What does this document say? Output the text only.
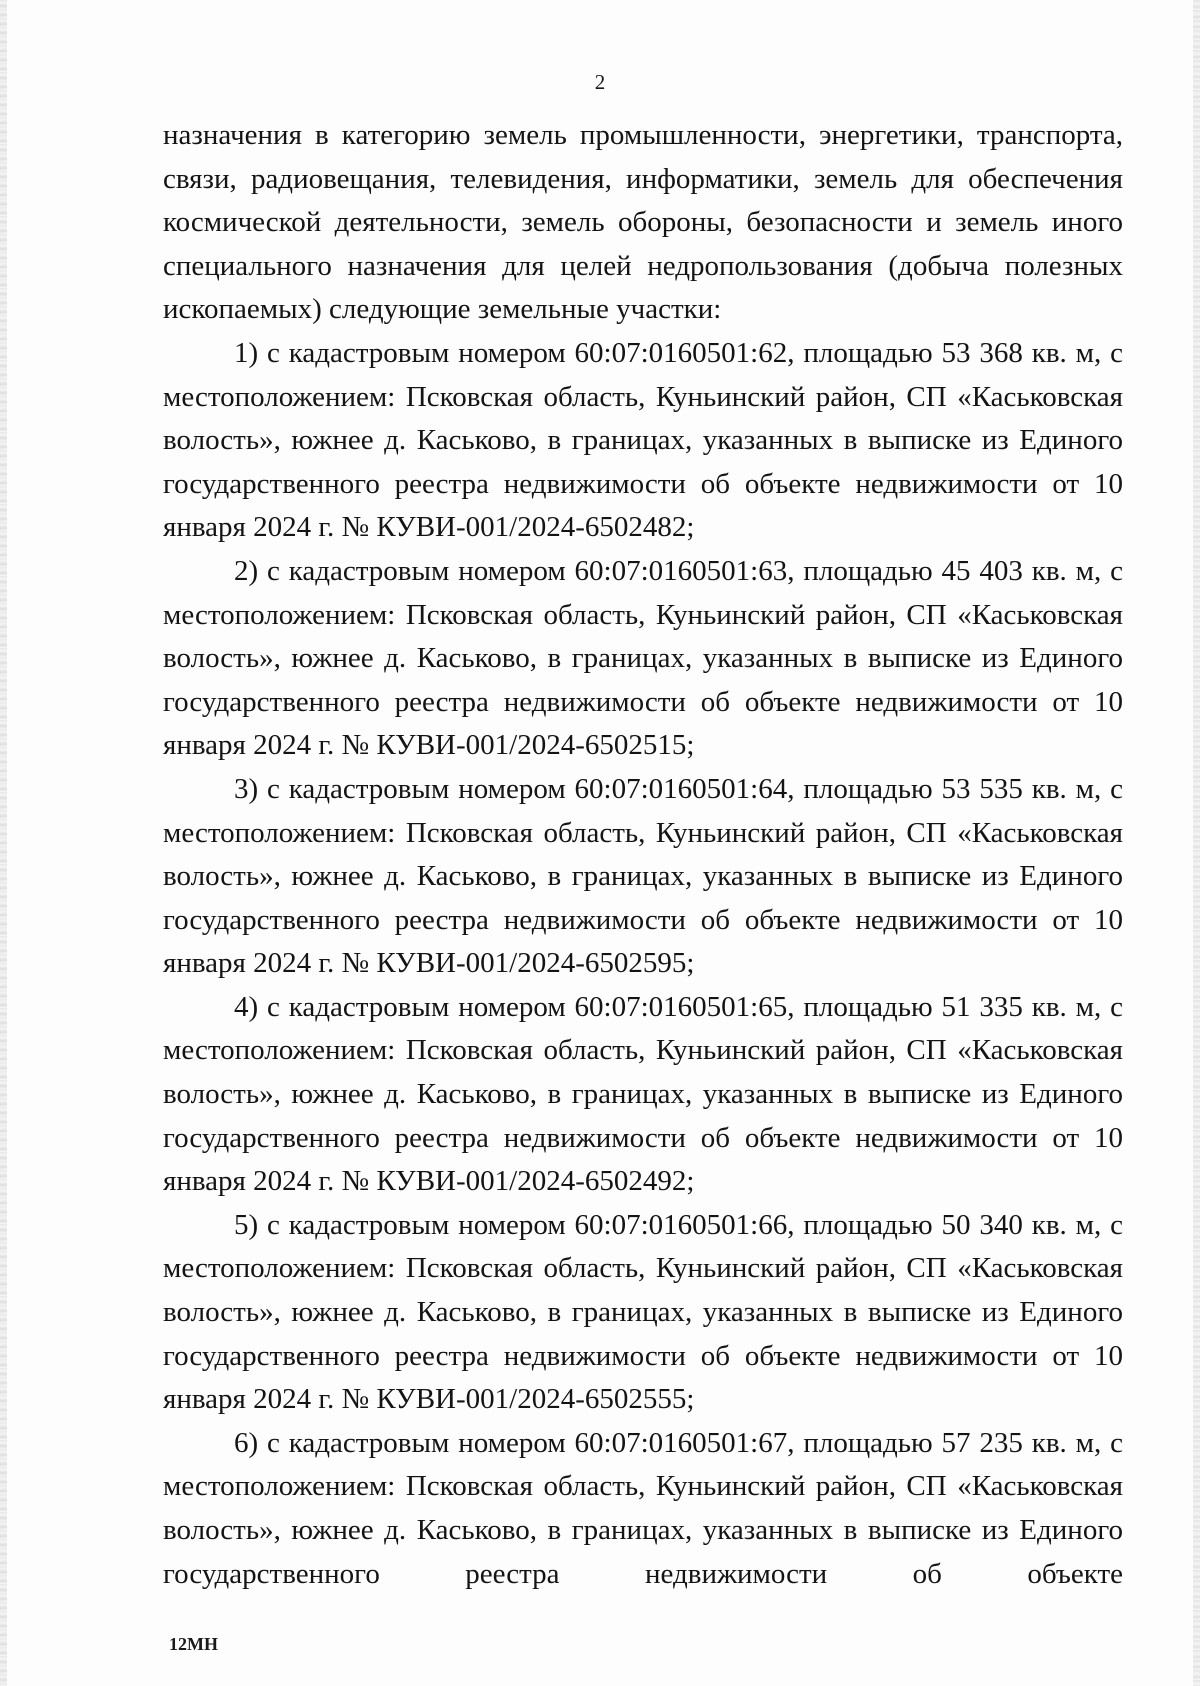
2

назначения в категорию земель промышленности, энергетики, транспорта, связи, радиовещания, телевидения, информатики, земель для обеспечения космической деятельности, земель обороны, безопасности и земель иного специального назначения для целей недропользования (добыча полезных ископаемых) следующие земельные участки:

1) с кадастровым номером 60:07:0160501:62, площадью 53 368 кв. м, с местоположением: Псковская область, Куньинский район, СП «Каськовская волость», южнее д. Каськово, в границах, указанных в выписке из Единого государственного реестра недвижимости об объекте недвижимости от 10 января 2024 г. № КУВИ-001/2024-6502482;

2) с кадастровым номером 60:07:0160501:63, площадью 45 403 кв. м, с местоположением: Псковская область, Куньинский район, СП «Каськовская волость», южнее д. Каськово, в границах, указанных в выписке из Единого государственного реестра недвижимости об объекте недвижимости от 10 января 2024 г. № КУВИ-001/2024-6502515;

3) с кадастровым номером 60:07:0160501:64, площадью 53 535 кв. м, с местоположением: Псковская область, Куньинский район, СП «Каськовская волость», южнее д. Каськово, в границах, указанных в выписке из Единого государственного реестра недвижимости об объекте недвижимости от 10 января 2024 г. № КУВИ-001/2024-6502595;

4) с кадастровым номером 60:07:0160501:65, площадью 51 335 кв. м, с местоположением: Псковская область, Куньинский район, СП «Каськовская волость», южнее д. Каськово, в границах, указанных в выписке из Единого государственного реестра недвижимости об объекте недвижимости от 10 января 2024 г. № КУВИ-001/2024-6502492;

5) с кадастровым номером 60:07:0160501:66, площадью 50 340 кв. м, с местоположением: Псковская область, Куньинский район, СП «Каськовская волость», южнее д. Каськово, в границах, указанных в выписке из Единого государственного реестра недвижимости об объекте недвижимости от 10 января 2024 г. № КУВИ-001/2024-6502555;

6) с кадастровым номером 60:07:0160501:67, площадью 57 235 кв. м, с местоположением: Псковская область, Куньинский район, СП «Каськовская волость», южнее д. Каськово, в границах, указанных в выписке из Единого государственного реестра недвижимости об объекте

12МН
